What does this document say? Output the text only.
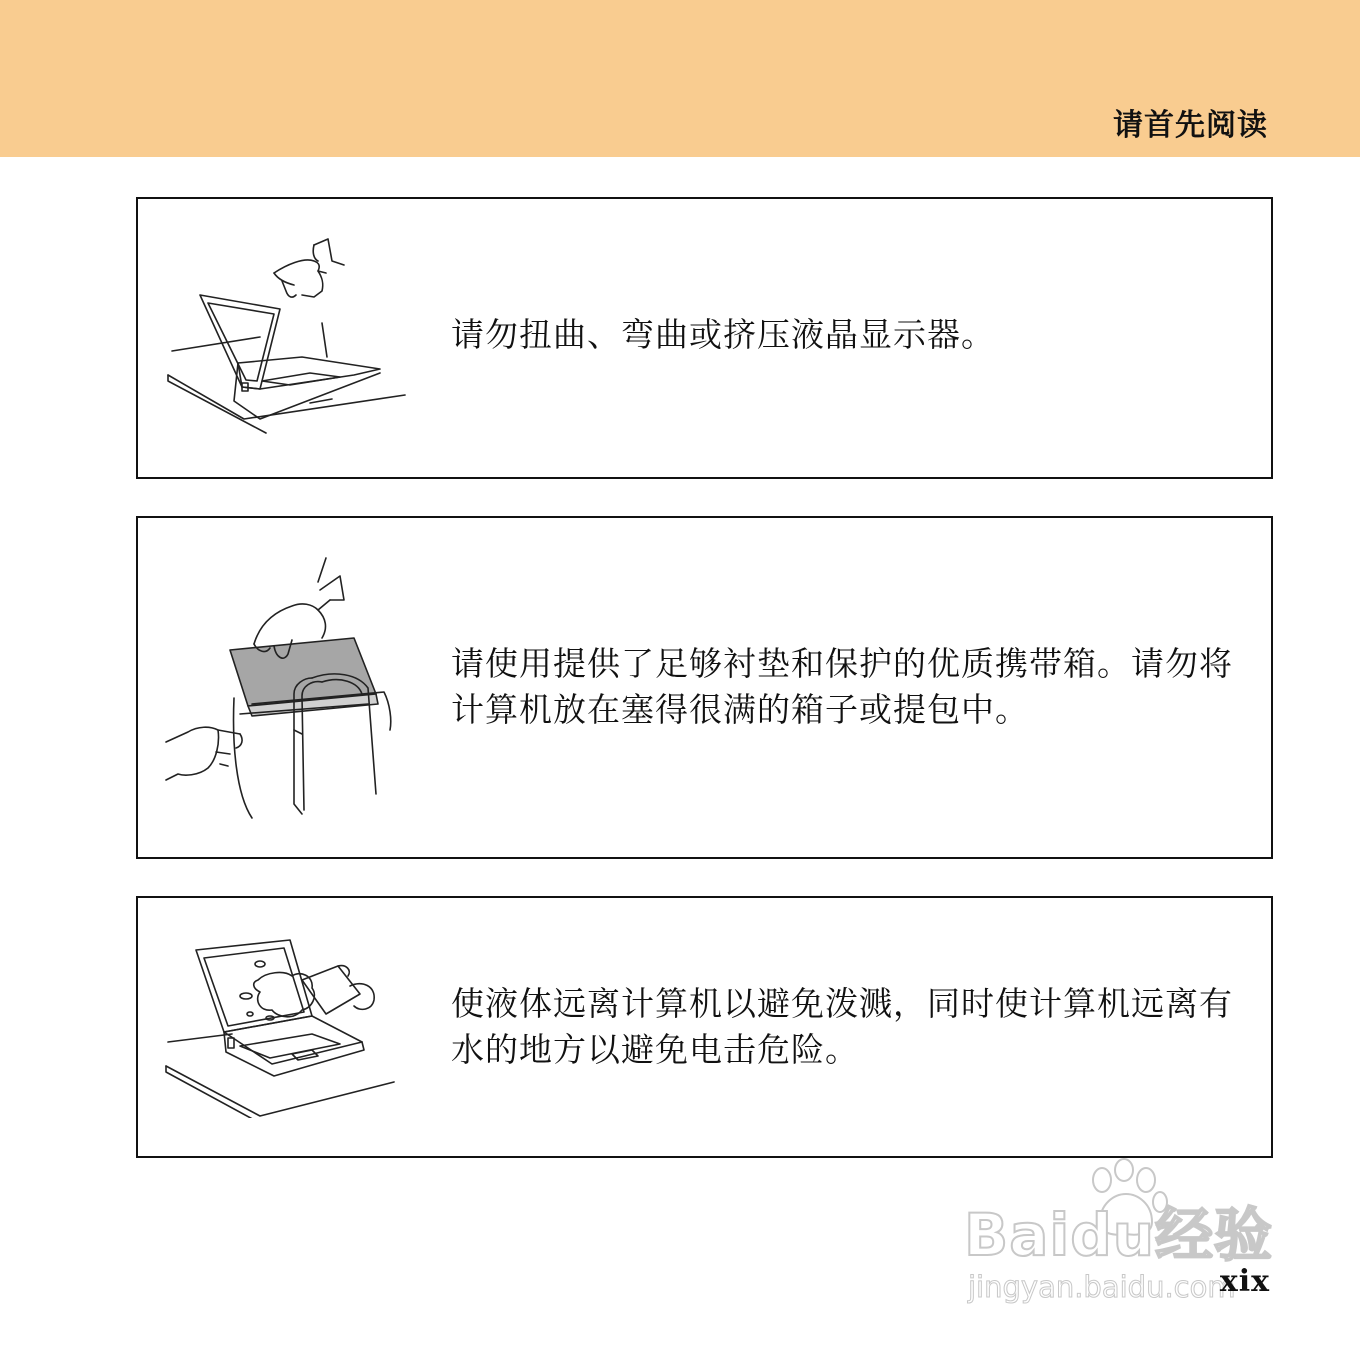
请首先阅读
请勿扭曲、弯曲或挤压液晶显示器。
请使用提供了足够衬垫和保护的优质携带箱。请勿将计算机放在塞得很满的箱子或提包中。
使液体远离计算机以避免泼溅，同时使计算机远离有水的地方以避免电击危险。
Baidu经验
jingyan.baidu.com
xix
